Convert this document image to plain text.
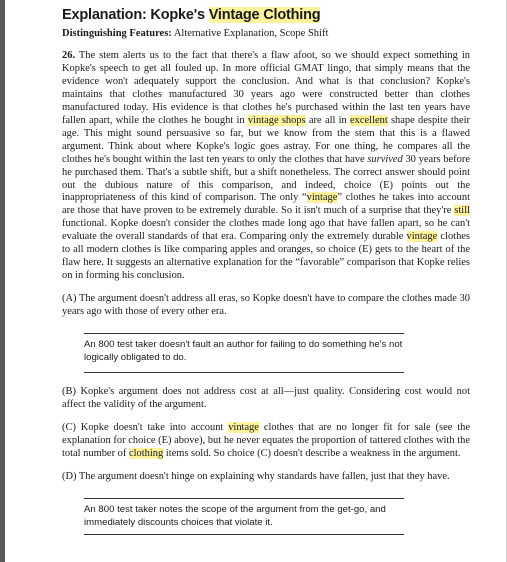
Explanation: Kopke's Vintage Clothing
Distinguishing Features: Alternative Explanation, Scope Shift

26. The stem alerts us to the fact that there's a flaw afoot, so we should expect something in Kopke's speech to get all fouled up. In more official GMAT lingo, that simply means that the evidence won't adequately support the conclusion. And what is that conclusion? Kopke's maintains that clothes manufactured 30 years ago were constructed better than clothes manufactured today. His evidence is that clothes he's purchased within the last ten years have fallen apart, while the clothes he bought in vintage shops are all in excellent shape despite their age. This might sound persuasive so far, but we know from the stem that this is a flawed argument. Think about where Kopke's logic goes astray. For one thing, he compares all the clothes he's bought within the last ten years to only the clothes that have survived 30 years before he purchased them. That's a subtle shift, but a shift nonetheless. The correct answer should point out the dubious nature of this comparison, and indeed, choice (E) points out the inappropriateness of this kind of comparison. The only “vintage” clothes he takes into account are those that have proven to be extremely durable. So it isn't much of a surprise that they're still functional. Kopke doesn't consider the clothes made long ago that have fallen apart, so he can't evaluate the overall standards of that era. Comparing only the extremely durable vintage clothes to all modern clothes is like comparing apples and oranges, so choice (E) gets to the heart of the flaw here. It suggests an alternative explanation for the “favorable” comparison that Kopke relies on in forming his conclusion.

(A) The argument doesn't address all eras, so Kopke doesn't have to compare the clothes made 30 years ago with those of every other era.

An 800 test taker doesn't fault an author for failing to do something he's not logically obligated to do.

(B) Kopke's argument does not address cost at all—just quality. Considering cost would not affect the validity of the argument.

(C) Kopke doesn't take into account vintage clothes that are no longer fit for sale (see the explanation for choice (E) above), but he never equates the proportion of tattered clothes with the total number of clothing items sold. So choice (C) doesn't describe a weakness in the argument.

(D) The argument doesn't hinge on explaining why standards have fallen, just that they have.

An 800 test taker notes the scope of the argument from the get-go, and immediately discounts choices that violate it.
